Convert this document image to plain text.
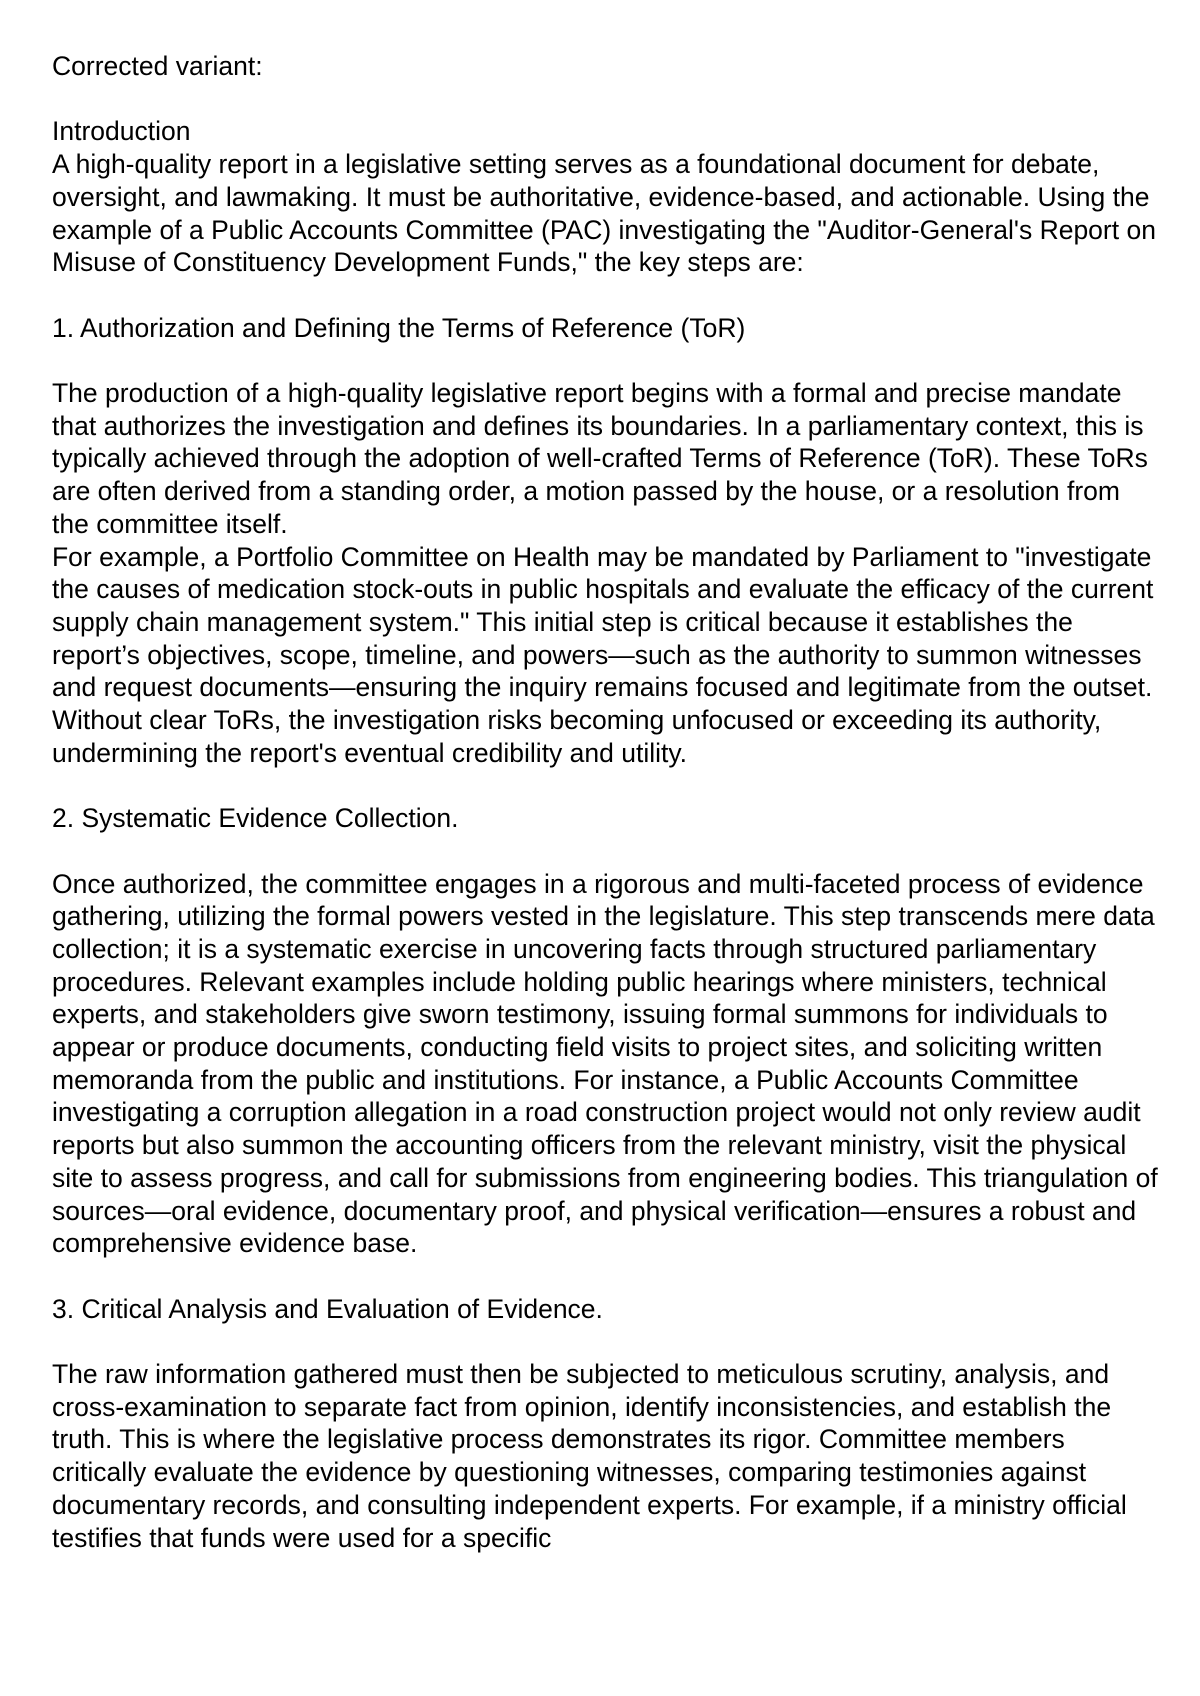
Corrected variant:

Introduction

A high-quality report in a legislative setting serves as a foundational document for debate, oversight, and lawmaking. It must be authoritative, evidence-based, and actionable. Using the example of a Public Accounts Committee (PAC) investigating the "Auditor-General's Report on Misuse of Constituency Development Funds," the key steps are:

1. Authorization and Defining the Terms of Reference (ToR)

The production of a high-quality legislative report begins with a formal and precise mandate that authorizes the investigation and defines its boundaries. In a parliamentary context, this is typically achieved through the adoption of well-crafted Terms of Reference (ToR). These ToRs are often derived from a standing order, a motion passed by the house, or a resolution from the committee itself.

For example, a Portfolio Committee on Health may be mandated by Parliament to "investigate the causes of medication stock-outs in public hospitals and evaluate the efficacy of the current supply chain management system." This initial step is critical because it establishes the report’s objectives, scope, timeline, and powers—such as the authority to summon witnesses and request documents—ensuring the inquiry remains focused and legitimate from the outset. Without clear ToRs, the investigation risks becoming unfocused or exceeding its authority, undermining the report's eventual credibility and utility.

2. Systematic Evidence Collection.

Once authorized, the committee engages in a rigorous and multi-faceted process of evidence gathering, utilizing the formal powers vested in the legislature. This step transcends mere data collection; it is a systematic exercise in uncovering facts through structured parliamentary procedures. Relevant examples include holding public hearings where ministers, technical experts, and stakeholders give sworn testimony, issuing formal summons for individuals to appear or produce documents, conducting field visits to project sites, and soliciting written memoranda from the public and institutions. For instance, a Public Accounts Committee investigating a corruption allegation in a road construction project would not only review audit reports but also summon the accounting officers from the relevant ministry, visit the physical site to assess progress, and call for submissions from engineering bodies. This triangulation of sources—oral evidence, documentary proof, and physical verification—ensures a robust and comprehensive evidence base.

3. Critical Analysis and Evaluation of Evidence.

The raw information gathered must then be subjected to meticulous scrutiny, analysis, and cross-examination to separate fact from opinion, identify inconsistencies, and establish the truth. This is where the legislative process demonstrates its rigor. Committee members critically evaluate the evidence by questioning witnesses, comparing testimonies against documentary records, and consulting independent experts. For example, if a ministry official testifies that funds were used for a specific
